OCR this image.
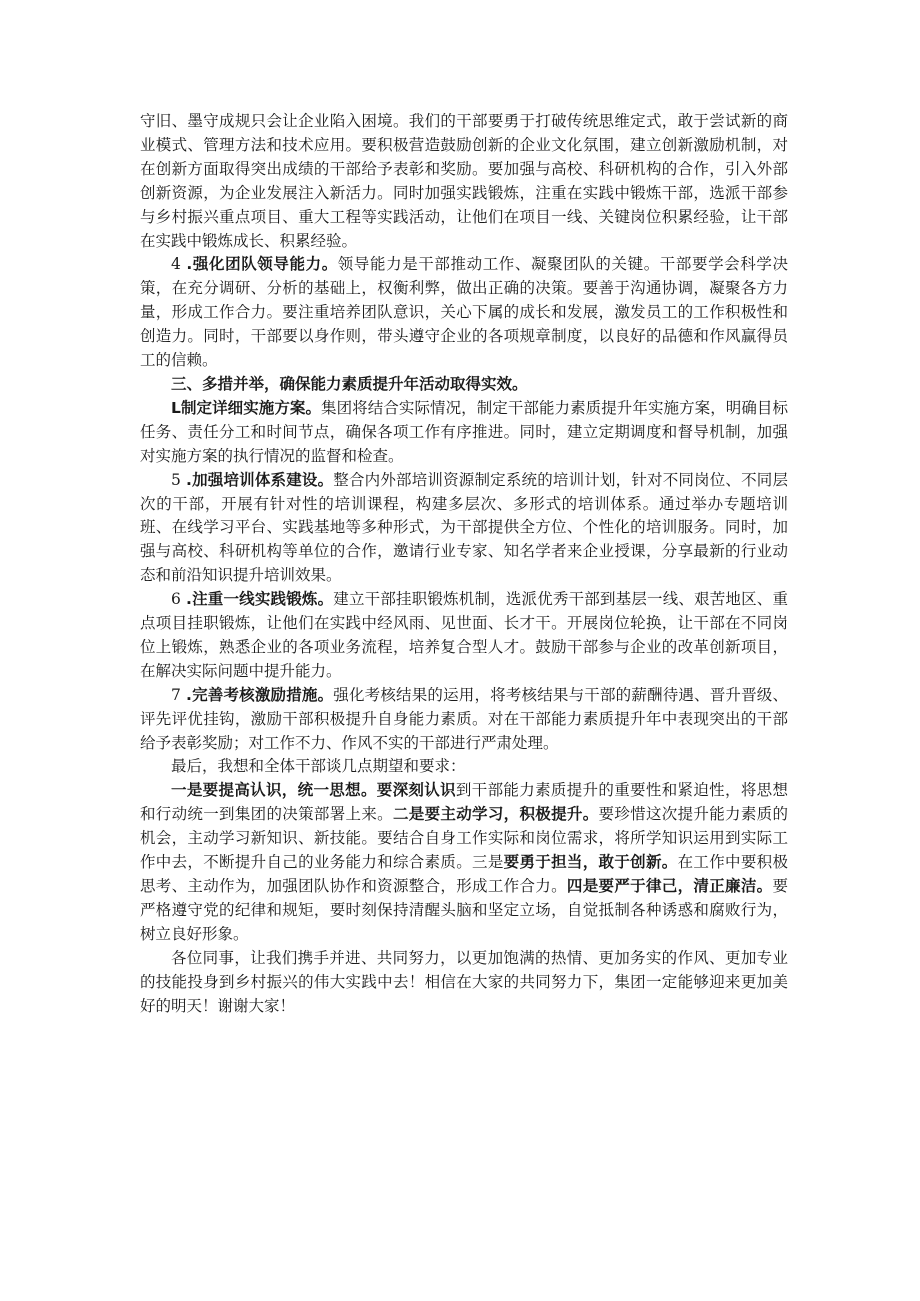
守旧、墨守成规只会让企业陷入困境。我们的干部要勇于打破传统思维定式，敢于尝试新的商业模式、管理方法和技术应用。要积极营造鼓励创新的企业文化氛围，建立创新激励机制，对在创新方面取得突出成绩的干部给予表彰和奖励。要加强与高校、科研机构的合作，引入外部创新资源，为企业发展注入新活力。同时加强实践锻炼，注重在实践中锻炼干部，选派干部参与乡村振兴重点项目、重大工程等实践活动，让他们在项目一线、关键岗位积累经验，让干部在实践中锻炼成长、积累经验。

4 .强化团队领导能力。领导能力是干部推动工作、凝聚团队的关键。干部要学会科学决策，在充分调研、分析的基础上，权衡利弊，做出正确的决策。要善于沟通协调，凝聚各方力量，形成工作合力。要注重培养团队意识，关心下属的成长和发展，激发员工的工作积极性和创造力。同时，干部要以身作则，带头遵守企业的各项规章制度，以良好的品德和作风赢得员工的信赖。

三、多措并举，确保能力素质提升年活动取得实效。

L制定详细实施方案。集团将结合实际情况，制定干部能力素质提升年实施方案，明确目标任务、责任分工和时间节点，确保各项工作有序推进。同时，建立定期调度和督导机制，加强对实施方案的执行情况的监督和检查。

5 .加强培训体系建设。整合内外部培训资源制定系统的培训计划，针对不同岗位、不同层次的干部，开展有针对性的培训课程，构建多层次、多形式的培训体系。通过举办专题培训班、在线学习平台、实践基地等多种形式，为干部提供全方位、个性化的培训服务。同时，加强与高校、科研机构等单位的合作，邀请行业专家、知名学者来企业授课，分享最新的行业动态和前沿知识提升培训效果。

6 .注重一线实践锻炼。建立干部挂职锻炼机制，选派优秀干部到基层一线、艰苦地区、重点项目挂职锻炼，让他们在实践中经风雨、见世面、长才干。开展岗位轮换，让干部在不同岗位上锻炼，熟悉企业的各项业务流程，培养复合型人才。鼓励干部参与企业的改革创新项目，在解决实际问题中提升能力。

7 .完善考核激励措施。强化考核结果的运用，将考核结果与干部的薪酬待遇、晋升晋级、评先评优挂钩，激励干部积极提升自身能力素质。对在干部能力素质提升年中表现突出的干部给予表彰奖励；对工作不力、作风不实的干部进行严肃处理。

最后，我想和全体干部谈几点期望和要求：

一是要提高认识，统一思想。要深刻认识到干部能力素质提升的重要性和紧迫性，将思想和行动统一到集团的决策部署上来。二是要主动学习，积极提升。要珍惜这次提升能力素质的机会，主动学习新知识、新技能。要结合自身工作实际和岗位需求，将所学知识运用到实际工作中去，不断提升自己的业务能力和综合素质。三是要勇于担当，敢于创新。在工作中要积极思考、主动作为，加强团队协作和资源整合，形成工作合力。四是要严于律己，清正廉洁。要严格遵守党的纪律和规矩，要时刻保持清醒头脑和坚定立场，自觉抵制各种诱惑和腐败行为，树立良好形象。

各位同事，让我们携手并进、共同努力，以更加饱满的热情、更加务实的作风、更加专业的技能投身到乡村振兴的伟大实践中去！相信在大家的共同努力下，集团一定能够迎来更加美好的明天！谢谢大家！
